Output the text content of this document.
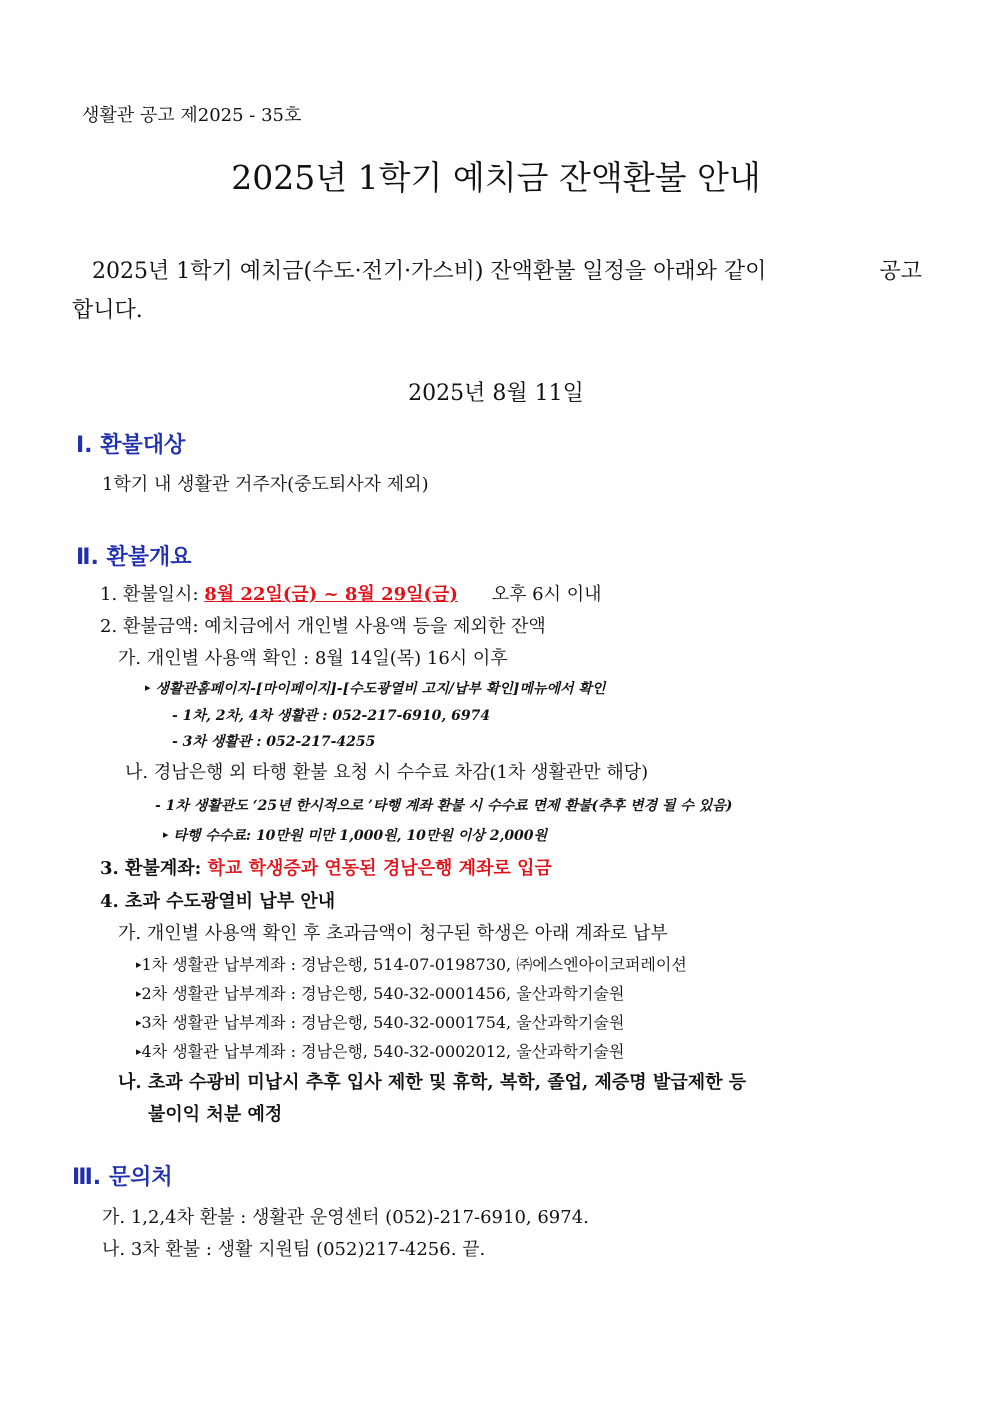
생활관 공고 제2025 - 35호
2025년 1학기 예치금 잔액환불 안내
2025년 1학기 예치금(수도·전기·가스비) 잔액환불 일정을 아래와 같이	공고
합니다.
2025년 8월 11일
Ⅰ. 환불대상
1학기 내 생활관 거주자(중도퇴사자 제외)
Ⅱ. 환불개요
1. 환불일시: 8월 22일(금) ~ 8월 29일(금) 오후 6시 이내
2. 환불금액: 예치금에서 개인별 사용액 등을 제외한 잔액
가. 개인별 사용액 확인 : 8월 14일(목) 16시 이후
▸ 생활관홈페이지-[마이페이지]-[수도광열비 고지/납부 확인]메뉴에서 확인
- 1차, 2차, 4차 생활관 : 052-217-6910, 6974
- 3차 생활관 : 052-217-4255
나. 경남은행 외 타행 환불 요청 시 수수료 차감(1차 생활관만 해당)
- 1차 생활관도 ‘25년 한시적으로 ’타행 계좌 환불 시 수수료 면제 환불(추후 변경 될 수 있음)
▸ 타행 수수료: 10만원 미만 1,000원, 10만원 이상 2,000원
3. 환불계좌: 학교 학생증과 연동된 경남은행 계좌로 입금
4. 초과 수도광열비 납부 안내
가. 개인별 사용액 확인 후 초과금액이 청구된 학생은 아래 계좌로 납부
▸1차 생활관 납부계좌 : 경남은행, 514-07-0198730, ㈜에스엔아이코퍼레이션
▸2차 생활관 납부계좌 : 경남은행, 540-32-0001456, 울산과학기술원
▸3차 생활관 납부계좌 : 경남은행, 540-32-0001754, 울산과학기술원
▸4차 생활관 납부계좌 : 경남은행, 540-32-0002012, 울산과학기술원
나. 초과 수광비 미납시 추후 입사 제한 및 휴학, 복학, 졸업, 제증명 발급제한 등
불이익 처분 예정
Ⅲ. 문의처
가. 1,2,4차 환불 : 생활관 운영센터 (052)-217-6910, 6974.
나. 3차 환불 : 생활 지원팀 (052)217-4256. 끝.
